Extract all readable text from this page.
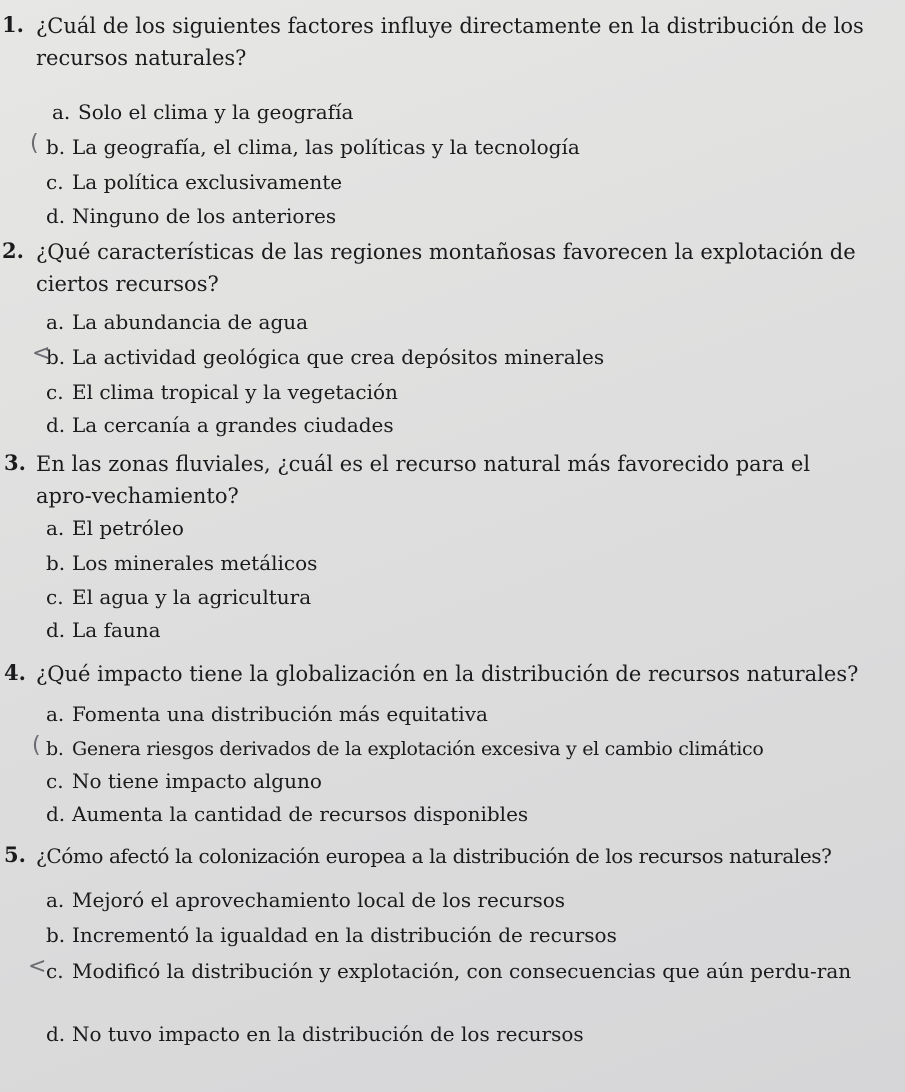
1. ¿Cuál de los siguientes factores influye directamente en la distribución de los recursos naturales?
a. Solo el clima y la geografía
( b. La geografía, el clima, las políticas y la tecnología
c. La política exclusivamente
d. Ninguno de los anteriores
2. ¿Qué características de las regiones montañosas favorecen la explotación de ciertos recursos?
a. La abundancia de agua
<
b. La actividad geológica que crea depósitos minerales
c. El clima tropical y la vegetación
d. La cercanía a grandes ciudades
3. En las zonas fluviales, ¿cuál es el recurso natural más favorecido para el apro-vechamiento?
a. El petróleo
b. Los minerales metálicos
c. El agua y la agricultura
d. La fauna
4. ¿Qué impacto tiene la globalización en la distribución de recursos naturales?
a. Fomenta una distribución más equitativa
( b. Genera riesgos derivados de la explotación excesiva y el cambio climático
c. No tiene impacto alguno
d. Aumenta la cantidad de recursos disponibles
5. ¿Cómo afectó la colonización europea a la distribución de los recursos naturales?
a. Mejoró el aprovechamiento local de los recursos
b. Incrementó la igualdad en la distribución de recursos
< c. Modificó la distribución y explotación, con consecuencias que aún perdu-ran
d. No tuvo impacto en la distribución de los recursos
